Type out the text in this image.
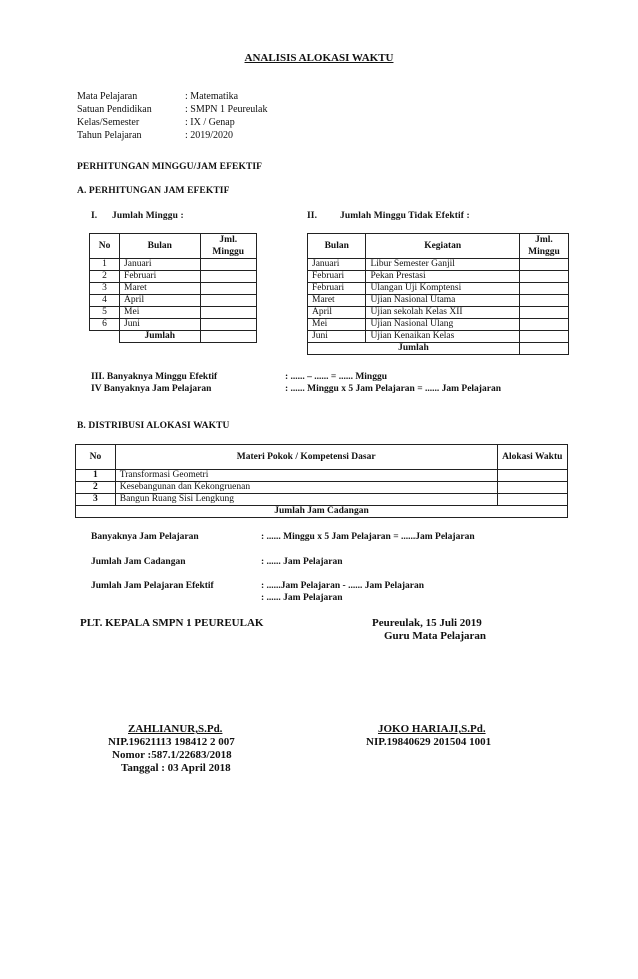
ANALISIS ALOKASI WAKTU
Mata Pelajaran	: Matematika
Satuan Pendidikan	: SMPN 1 Peureulak
Kelas/Semester	: IX / Genap
Tahun Pelajaran	: 2019/2020
PERHITUNGAN MINGGU/JAM EFEKTIF
A. PERHITUNGAN JAM EFEKTIF
I. Jumlah Minggu :	II. Jumlah Minggu Tidak Efektif :
No	Bulan	Jml. Minggu
1	Januari	
2	Februari	
3	Maret	
4	April	
5	Mei	
6	Juni	
	Jumlah	
Bulan	Kegiatan	Jml. Minggu
Januari	Libur Semester Ganjil	
Februari	Pekan Prestasi	
Februari	Ulangan Uji Komptensi	
Maret	Ujian Nasional Utama	
April	Ujian sekolah Kelas XII	
Mei	Ujian Nasional Ulang	
Juni	Ujian Kenaikan Kelas	
Jumlah		
III. Banyaknya Minggu Efektif	: ...... – ...... = ...... Minggu
IV Banyaknya Jam Pelajaran	: ...... Minggu x 5 Jam Pelajaran = ...... Jam Pelajaran
B. DISTRIBUSI ALOKASI WAKTU
No	Materi Pokok / Kompetensi Dasar	Alokasi Waktu
1	Transformasi Geometri	
2	Kesebangunan dan Kekongruenan	
3	Bangun Ruang Sisi Lengkung	
Jumlah Jam Cadangan		
Banyaknya Jam Pelajaran	: ...... Minggu x 5 Jam Pelajaran = ......Jam Pelajaran
Jumlah Jam Cadangan	: ...... Jam Pelajaran
Jumlah Jam Pelajaran Efektif	: ......Jam Pelajaran - ...... Jam Pelajaran
: ...... Jam Pelajaran
PLT. KEPALA SMPN 1 PEUREULAK	Peureulak, 15 Juli 2019
Guru Mata Pelajaran
ZAHLIANUR,S.Pd.
NIP.19621113 198412 2 007
Nomor :587.1/22683/2018
Tanggal : 03 April 2018
JOKO HARIAJI,S.Pd.
NIP.19840629 201504 1001
